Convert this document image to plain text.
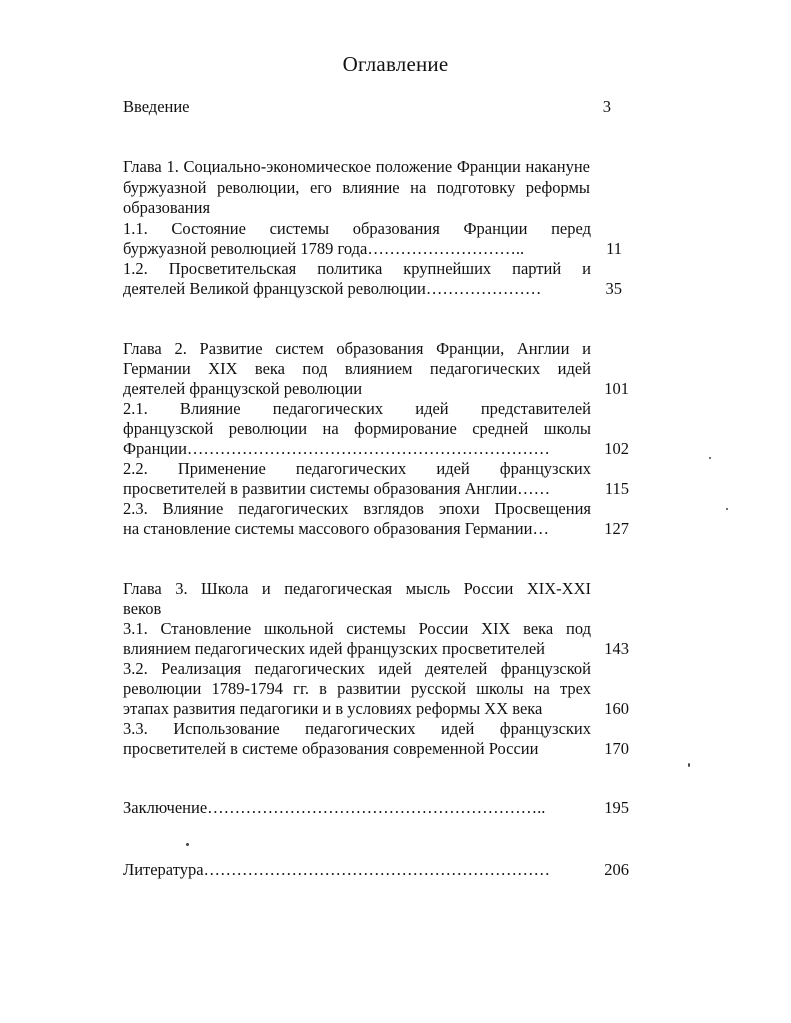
Оглавление
Введение	3
Глава 1. Социально-экономическое положение Франции накануне буржуазной революции, его влияние на подготовку реформы образования
1.1. Состояние системы образования Франции перед
буржуазной революцией 1789 года………………………..	11
1.2. Просветительская политика крупнейших партий и
деятелей Великой французской революции…………………	35
Глава 2. Развитие систем образования Франции, Англии и
Германии XIX века под влиянием педагогических идей
деятелей французской революции	101
2.1. Влияние педагогических идей представителей
французской революции на формирование средней школы
Франции…………………………………………………………	102
2.2. Применение педагогических идей французских
просветителей в развитии системы образования Англии……	115
2.3. Влияние педагогических взглядов эпохи Просвещения
на становление системы массового образования Германии…	127
Глава 3. Школа и педагогическая мысль России XIX-XXI
веков
3.1. Становление школьной системы России XIX века под
влиянием педагогических идей французских просветителей	143
3.2. Реализация педагогических идей деятелей французской
революции 1789-1794 гг. в развитии русской школы на трех
этапах развития педагогики и в условиях реформы XX века	160
3.3. Использование педагогических идей французских
просветителей в системе образования современной России	170
Заключение……………………………………………………..	195
Литература………………………………………………………	206
